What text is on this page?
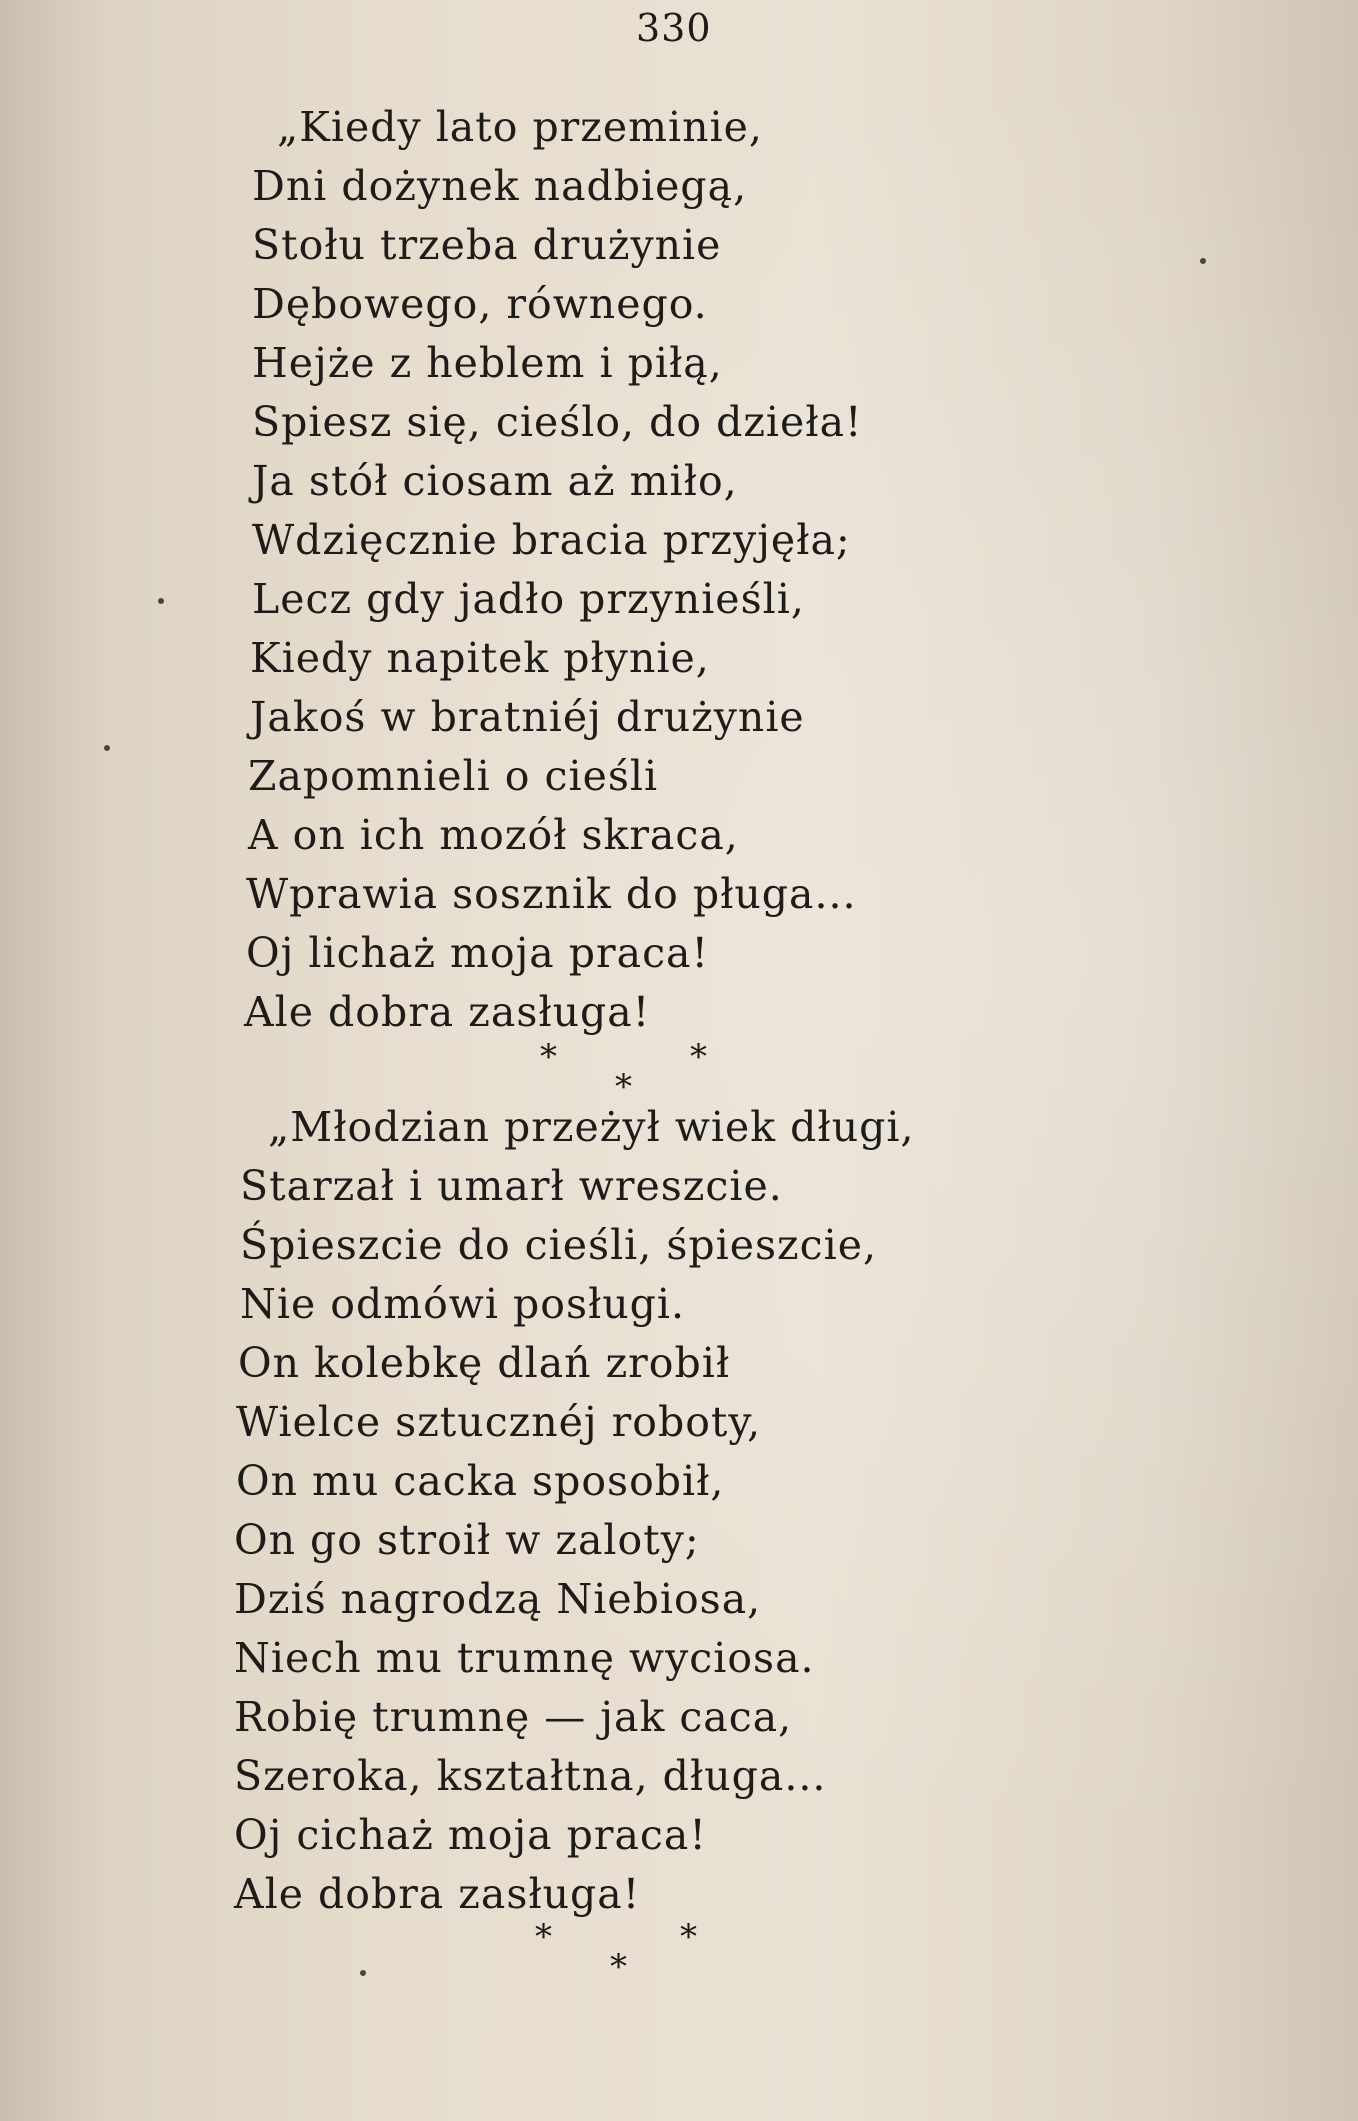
330
„Kiedy lato przeminie,
Dni dożynek nadbiegą,
Stołu trzeba drużynie
Dębowego, równego.
Hejże z heblem i piłą,
Spiesz się, cieślo, do dzieła!
Ja stół ciosam aż miło,
Wdzięcznie bracia przyjęła;
Lecz gdy jadło przynieśli,
Kiedy napitek płynie,
Jakoś w bratniéj drużynie
Zapomnieli o cieśli
A on ich mozół skraca,
Wprawia sosznik do pługa...
Oj lichaż moja praca!
Ale dobra zasługa!
*
*
*
„Młodzian przeżył wiek długi,
Starzał i umarł wreszcie.
Śpieszcie do cieśli, śpieszcie,
Nie odmówi posługi.
On kolebkę dlań zrobił
Wielce sztucznéj roboty,
On mu cacka sposobił,
On go stroił w zaloty;
Dziś nagrodzą Niebiosa,
Niech mu trumnę wyciosa.
Robię trumnę — jak caca,
Szeroka, kształtna, długa...
Oj cichaż moja praca!
Ale dobra zasługa!
*
*
*
